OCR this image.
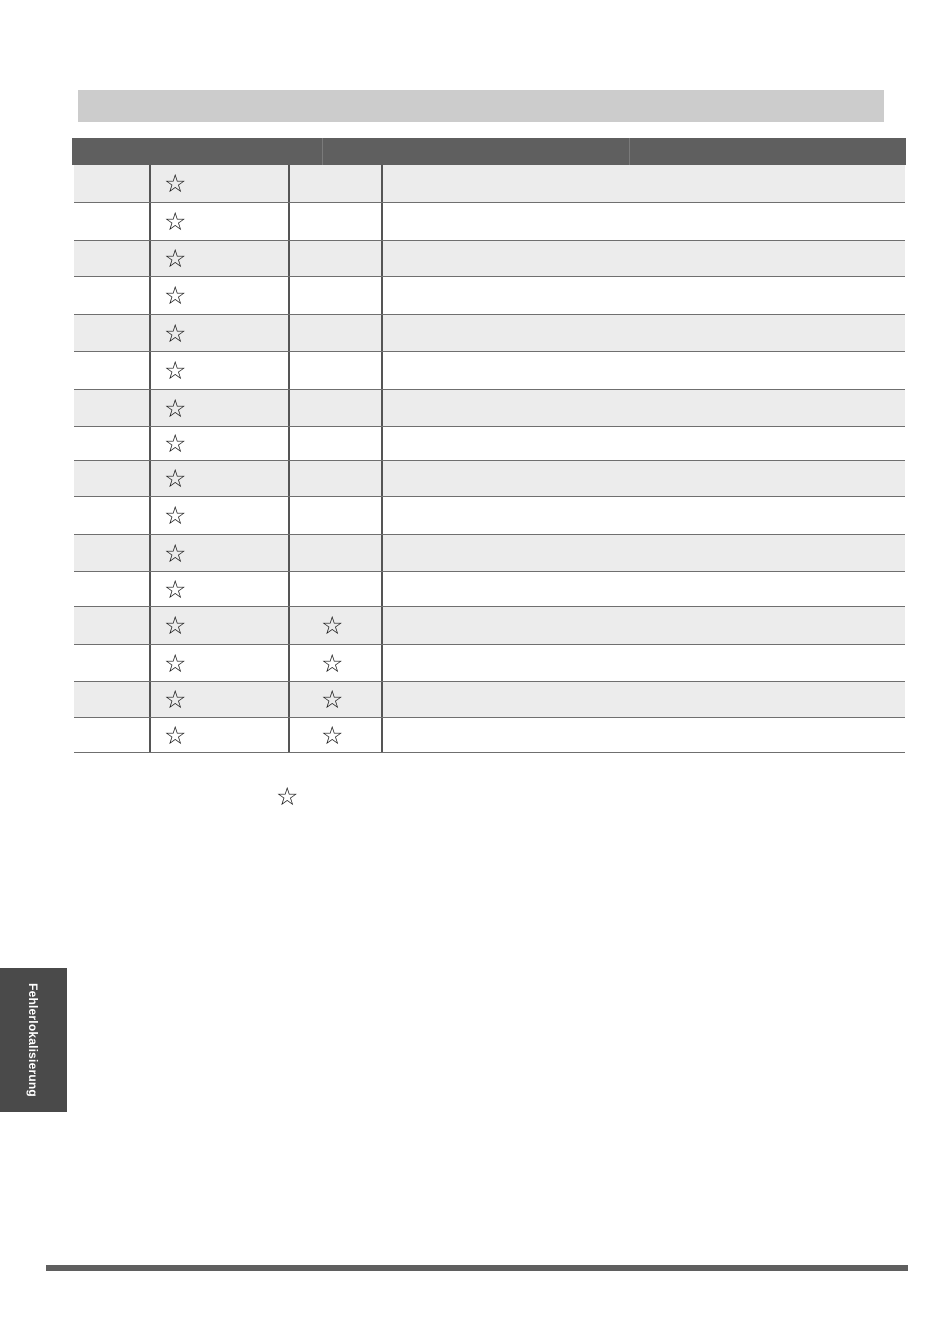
☆
☆
☆
☆
☆
☆
☆
☆
☆
☆
☆
☆
☆	☆
☆	☆
☆	☆
☆	☆
☆
Fehlerlokalisierung
